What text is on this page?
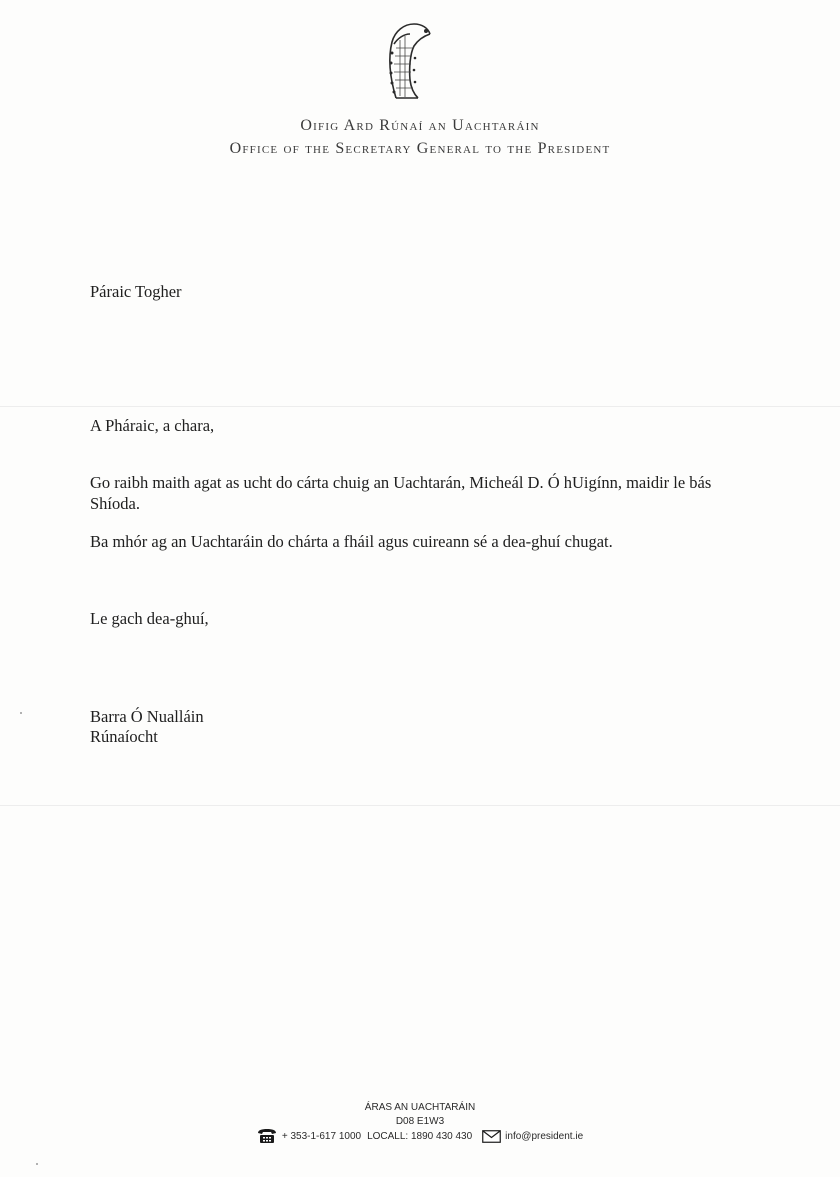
Oifig Ard Rúnaí an Uachtaráin
Office of the Secretary General to the President
Páraic Togher
A Pháraic, a chara,
Go raibh maith agat as ucht do cárta chuig an Uachtarán, Micheál D. Ó hUigínn, maidir le bás Shíoda.
Ba mhór ag an Uachtaráin do chárta a fháil agus cuireann sé a dea-ghuí chugat.
Le gach dea-ghuí,
Barra Ó Nualláin
Rúnaíocht
ÁRAS AN UACHTARÁIN
D08 E1W3
+ 353-1-617 1000 LOCALL: 1890 430 430	info@president.ie
